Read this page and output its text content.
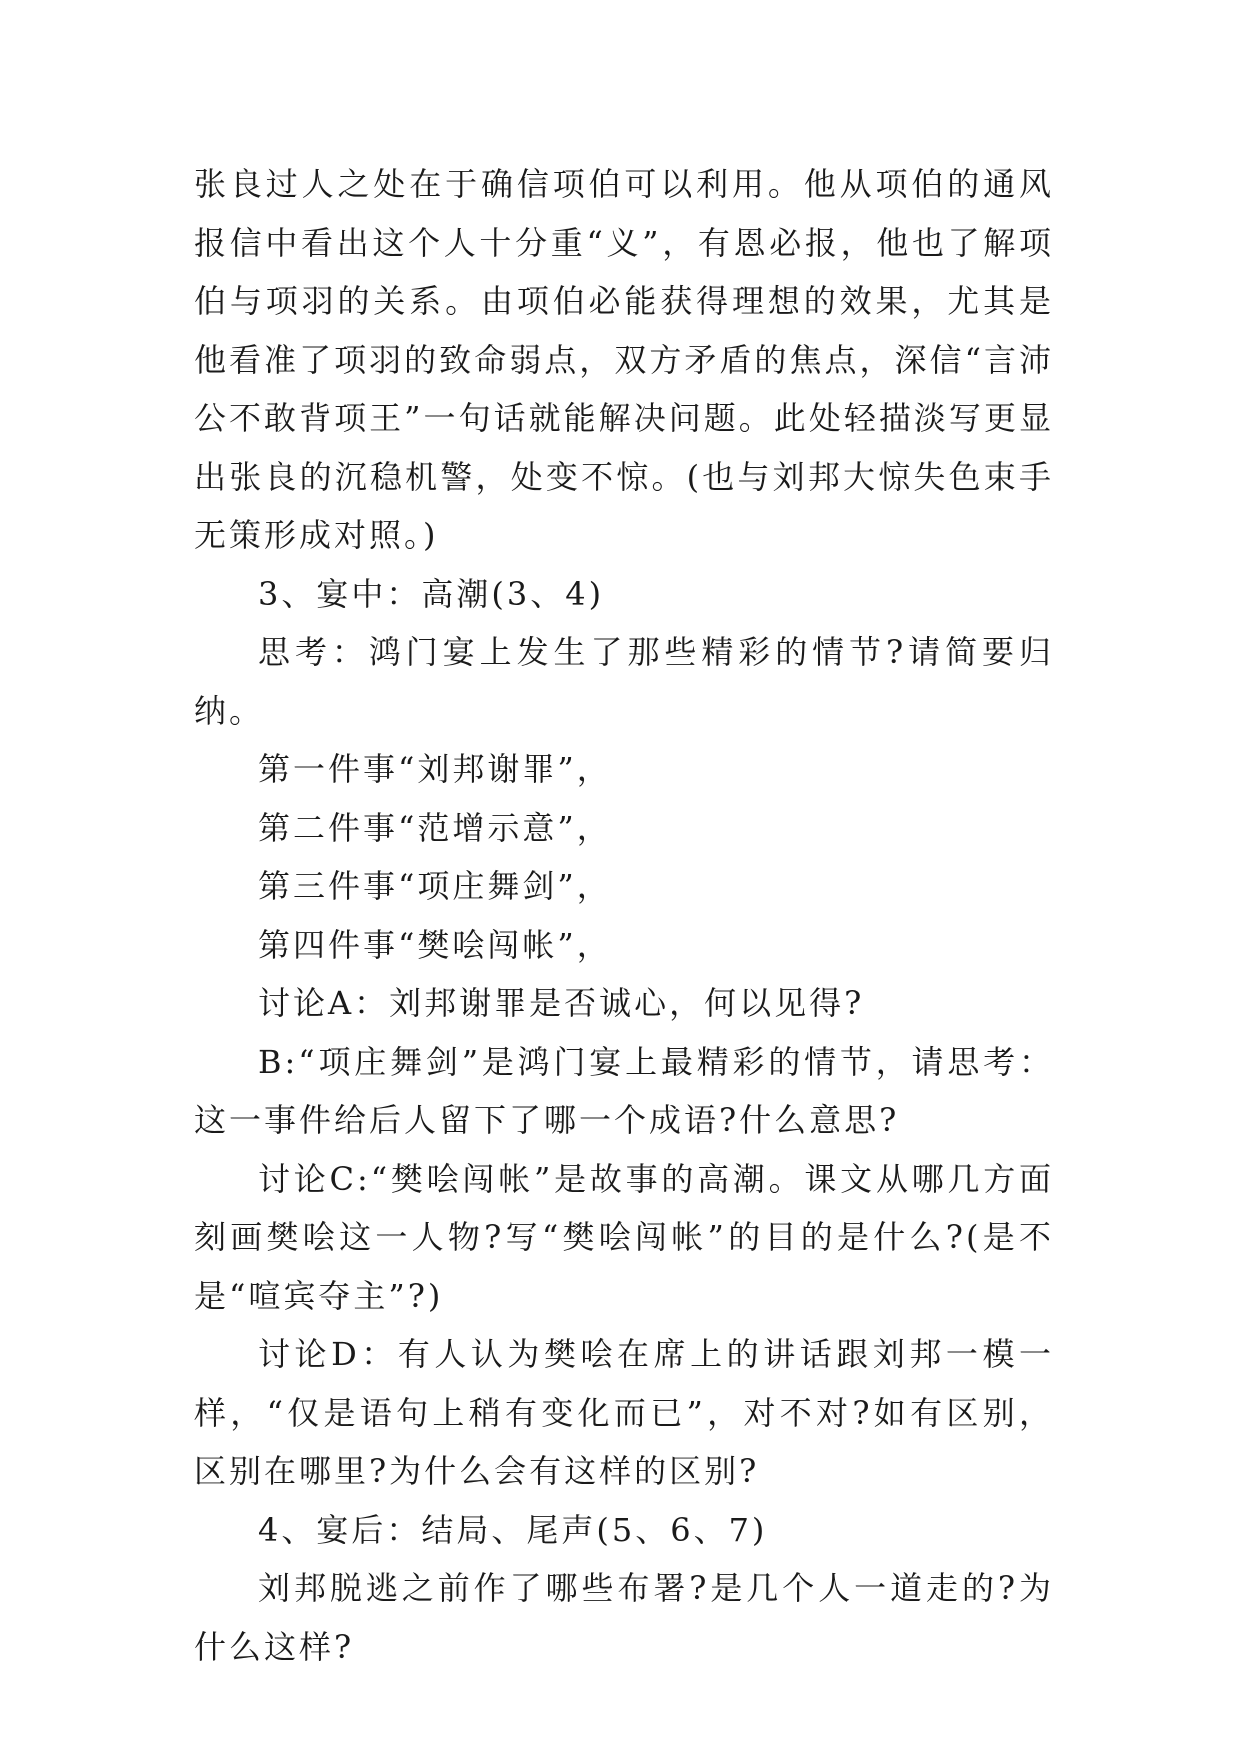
张良过人之处在于确信项伯可以利用。他从项伯的通风报信中看出这个人十分重“义”，有恩必报，他也了解项伯与项羽的关系。由项伯必能获得理想的效果，尤其是他看准了项羽的致命弱点，双方矛盾的焦点，深信“言沛公不敢背项王”一句话就能解决问题。此处轻描淡写更显出张良的沉稳机警，处变不惊。(也与刘邦大惊失色束手无策形成对照。)

3、宴中：高潮(3、4)

思考：鸿门宴上发生了那些精彩的情节?请简要归纳。

第一件事“刘邦谢罪”，

第二件事“范增示意”，

第三件事“项庄舞剑”，

第四件事“樊哙闯帐”，

讨论A：刘邦谢罪是否诚心，何以见得?

B:“项庄舞剑”是鸿门宴上最精彩的情节，请思考：这一事件给后人留下了哪一个成语?什么意思?

讨论C:“樊哙闯帐”是故事的高潮。课文从哪几方面刻画樊哙这一人物?写“樊哙闯帐”的目的是什么?(是不是“喧宾夺主”?)

讨论D：有人认为樊哙在席上的讲话跟刘邦一模一样，“仅是语句上稍有变化而已”，对不对?如有区别，区别在哪里?为什么会有这样的区别?

4、宴后：结局、尾声(5、6、7)

刘邦脱逃之前作了哪些布署?是几个人一道走的?为什么这样?
